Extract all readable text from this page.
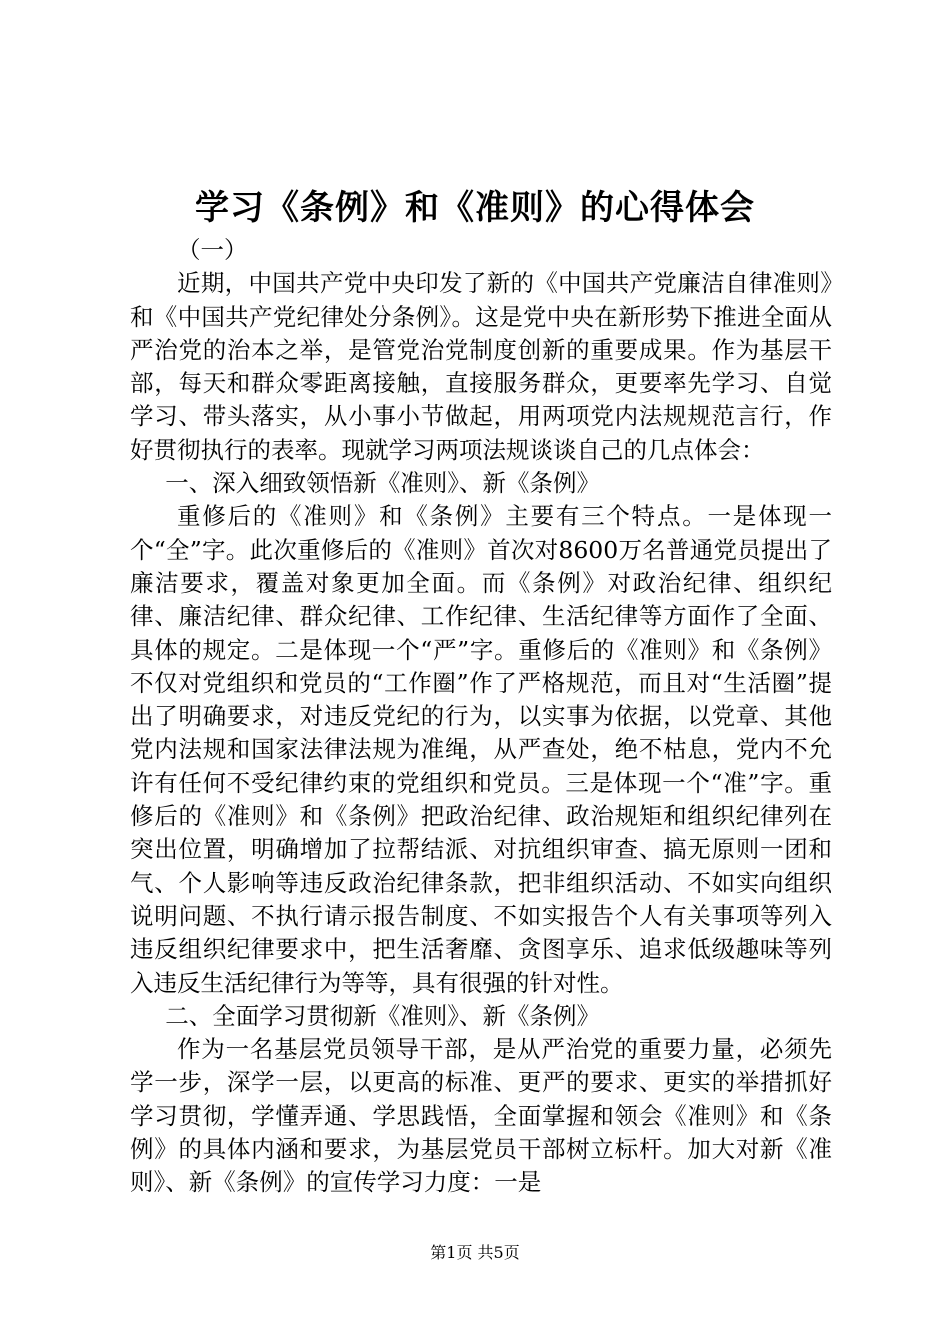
学习《条例》和《准则》的心得体会

（一）

近期，中国共产党中央印发了新的《中国共产党廉洁自律准则》和《中国共产党纪律处分条例》。这是党中央在新形势下推进全面从严治党的治本之举，是管党治党制度创新的重要成果。作为基层干部，每天和群众零距离接触，直接服务群众，更要率先学习、自觉学习、带头落实，从小事小节做起，用两项党内法规规范言行，作好贯彻执行的表率。现就学习两项法规谈谈自己的几点体会：

一、深入细致领悟新《准则》、新《条例》

重修后的《准则》和《条例》主要有三个特点。一是体现一个“全”字。此次重修后的《准则》首次对8600万名普通党员提出了廉洁要求，覆盖对象更加全面。而《条例》对政治纪律、组织纪律、廉洁纪律、群众纪律、工作纪律、生活纪律等方面作了全面、具体的规定。二是体现一个“严”字。重修后的《准则》和《条例》不仅对党组织和党员的“工作圈”作了严格规范，而且对“生活圈”提出了明确要求，对违反党纪的行为，以实事为依据，以党章、其他党内法规和国家法律法规为准绳，从严查处，绝不枯息，党内不允许有任何不受纪律约束的党组织和党员。三是体现一个“准”字。重修后的《准则》和《条例》把政治纪律、政治规矩和组织纪律列在突出位置，明确增加了拉帮结派、对抗组织审查、搞无原则一团和气、个人影响等违反政治纪律条款，把非组织活动、不如实向组织说明问题、不执行请示报告制度、不如实报告个人有关事项等列入违反组织纪律要求中，把生活奢靡、贪图享乐、追求低级趣味等列入违反生活纪律行为等等，具有很强的针对性。

二、全面学习贯彻新《准则》、新《条例》

作为一名基层党员领导干部，是从严治党的重要力量，必须先学一步，深学一层，以更高的标准、更严的要求、更实的举措抓好学习贯彻，学懂弄通、学思践悟，全面掌握和领会《准则》和《条例》的具体内涵和要求，为基层党员干部树立标杆。加大对新《准则》、新《条例》的宣传学习力度：一是

第1页 共5页
